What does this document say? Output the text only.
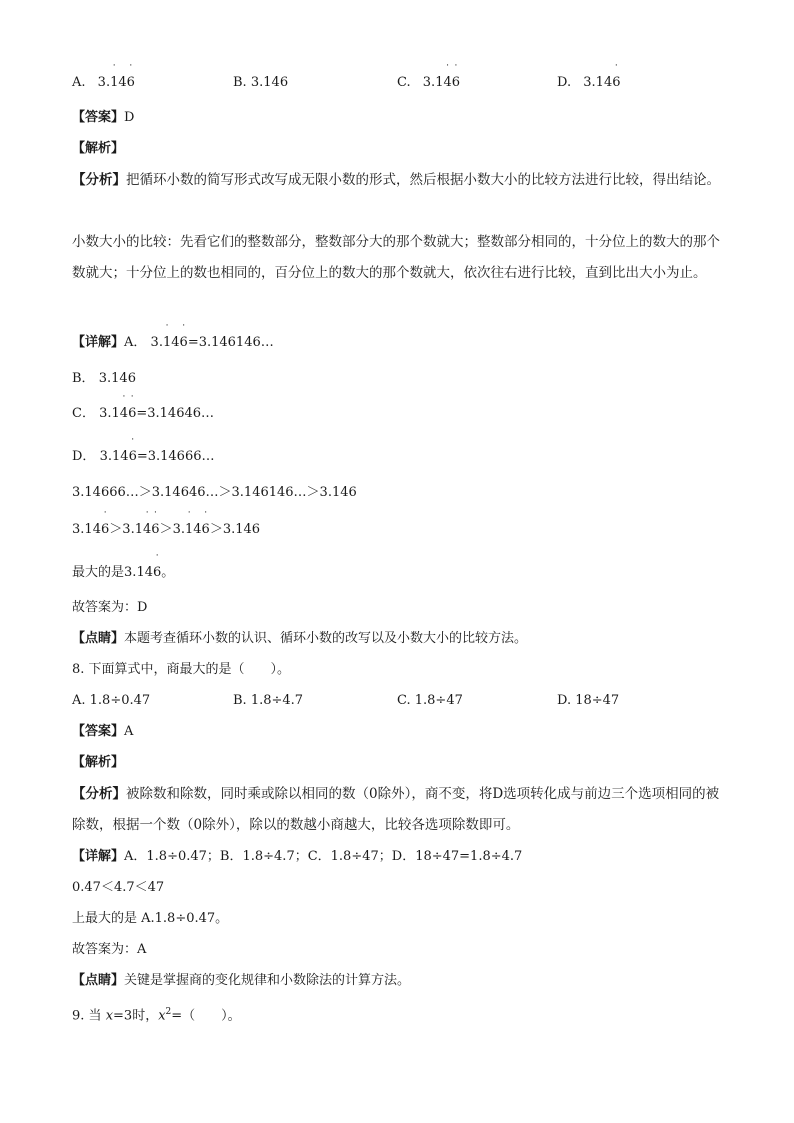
A. 3.1
·
46
·
B. 3.146	C. 3.14
·
6
·
D. 3.146
·
【答案】D
【解析】
【分析】把循环小数的简写形式改写成无限小数的形式，然后根据小数大小的比较方法进行比较，得出结论。
小数大小的比较：先看它们的整数部分，整数部分大的那个数就大；整数部分相同的，十分位上的数大的那个数就大；十分位上的数也相同的，百分位上的数大的那个数就大，依次往右进行比较，直到比出大小为止。
【详解】A． 3.1
·
46
·
=3.146146…
B． 3.146
C． 3.14
·
6
·
=3.14646…
D． 3.146
·
=3.14666…
3.14666…＞3.14646…＞3.146146…＞3.146
3.146
·
＞3.14
·
6
·
＞3.1
·
46
·
＞3.146
最大的是3.146
·
。
故答案为：D
【点睛】本题考查循环小数的认识、循环小数的改写以及小数大小的比较方法。
8. 下面算式中，商最大的是（　　）。
A. 1.8÷0.47	B. 1.8÷4.7	C. 1.8÷47	D. 18÷47
【答案】A
【解析】
【分析】被除数和除数，同时乘或除以相同的数（0除外），商不变，将D选项转化成与前边三个选项相同的被除数，根据一个数（0除外），除以的数越小商越大，比较各选项除数即可。
【详解】A．1.8÷0.47；B．1.8÷4.7；C．1.8÷47；D．18÷47=1.8÷4.7
0.47＜4.7＜47
上最大的是 A.1.8÷0.47。
故答案为：A
【点睛】关键是掌握商的变化规律和小数除法的计算方法。
9. 当 x=3时，$x^2=$（　　）。
